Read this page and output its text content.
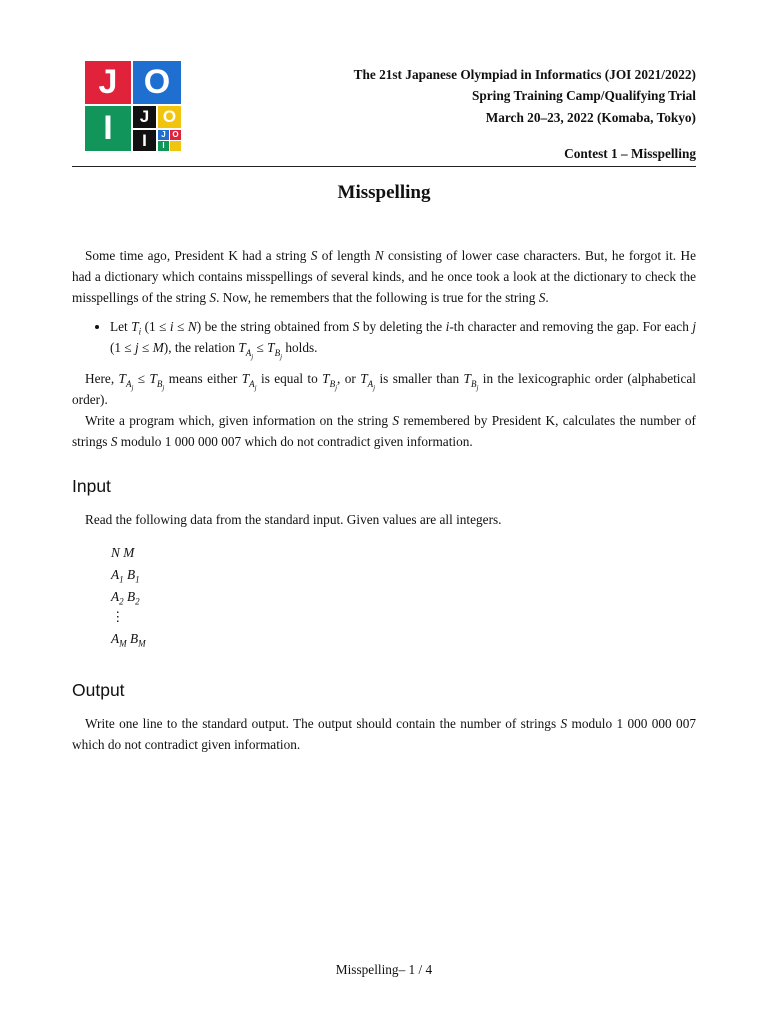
J O
I	J O
I	J O
I
The 21st Japanese Olympiad in Informatics (JOI 2021/2022)
Spring Training Camp/Qualifying Trial
March 20–23, 2022 (Komaba, Tokyo)
Contest 1 – Misspelling
Misspelling

Some time ago, President K had a string S of length N consisting of lower case characters. But, he forgot it. He had a dictionary which contains misspellings of several kinds, and he once took a look at the dictionary to check the misspellings of the string S. Now, he remembers that the following is true for the string S.

• Let $T_i$ (1 ≤ i ≤ N) be the string obtained from S by deleting the i-th character and removing the gap. For each j (1 ≤ j ≤ M), the relation $T_{A_j} \le T_{B_j}$ holds.

Here, $T_{A_j} \le T_{B_j}$ means either $T_{A_j}$ is equal to $T_{B_j}$, or $T_{A_j}$ is smaller than $T_{B_j}$ in the lexicographic order (alphabetical order).

Write a program which, given information on the string S remembered by President K, calculates the number of strings S modulo 1 000 000 007 which do not contradict given information.

Input

Read the following data from the standard input. Given values are all integers.

N M
$A_1$ $B_1$
$A_2$ $B_2$
⋮
$A_M$ $B_M$
Output

Write one line to the standard output. The output should contain the number of strings S modulo 1 000 000 007 which do not contradict given information.

Misspelling– 1 / 4
